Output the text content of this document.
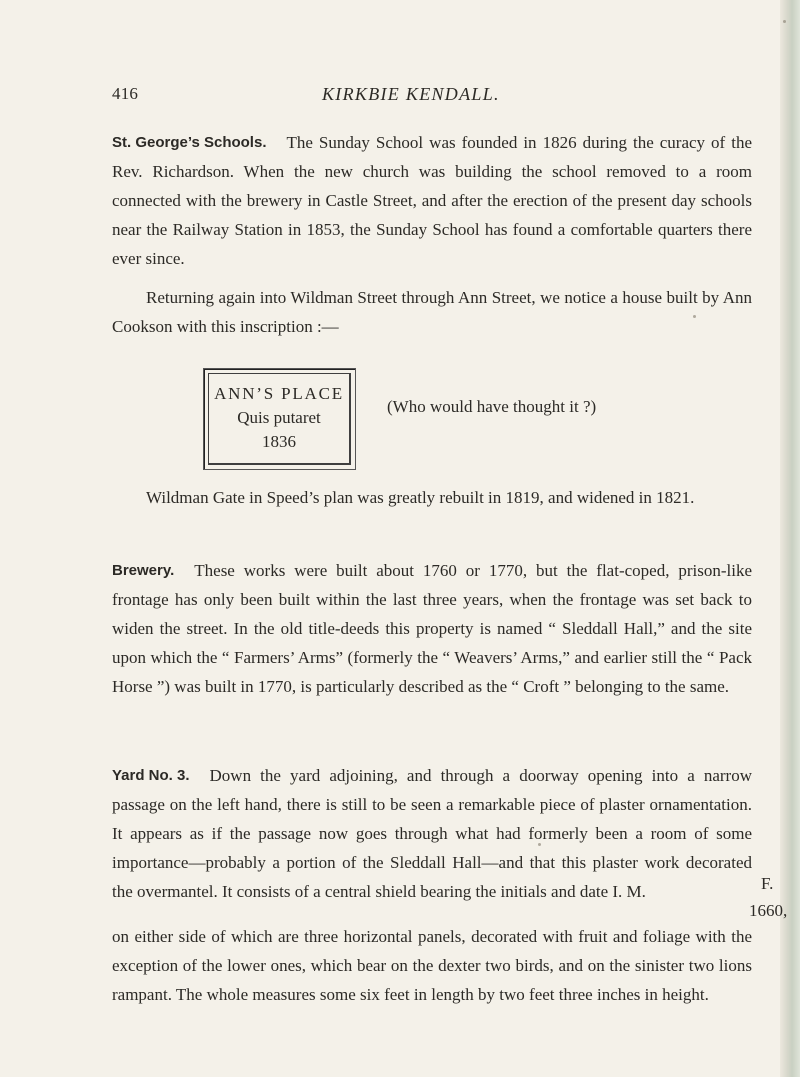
416	KIRKBIE KENDALL.

St. George’s Schools. The Sunday School was founded in 1826 during the curacy of the Rev. Richardson. When the new church was building the school removed to a room connected with the brewery in Castle Street, and after the erection of the present day schools near the Railway Station in 1853, the Sunday School has found a comfortable quarters there ever since.

Returning again into Wildman Street through Ann Street, we notice a house built by Ann Cookson with this inscription :—

ANN’S PLACE
Quis putaret
1836
(Who would have thought it ?)

Wildman Gate in Speed’s plan was greatly rebuilt in 1819, and widened in 1821.

Brewery. These works were built about 1760 or 1770, but the flat-coped, prison-like frontage has only been built within the last three years, when the frontage was set back to widen the street. In the old title-deeds this property is named “ Sleddall Hall,” and the site upon which the “ Farmers’ Arms” (formerly the “ Weavers’ Arms,” and earlier still the “ Pack Horse ”) was built in 1770, is particularly described as the “ Croft ” belonging to the same.

Yard No. 3. Down the yard adjoining, and through a doorway opening into a narrow passage on the left hand, there is still to be seen a remarkable piece of plaster ornamentation. It appears as if the passage now goes through what had formerly been a room of some importance—probably a portion of the Sleddall Hall—and that this plaster work decorated the overmantel. It consists of a central shield bearing the initials and date I. M.

on either side of which are three horizontal panels, decorated with fruit and foliage with the exception of the lower ones, which bear on the dexter two birds, and on the sinister two lions rampant. The whole measures some six feet in length by two feet three inches in height.

F.
1660,
